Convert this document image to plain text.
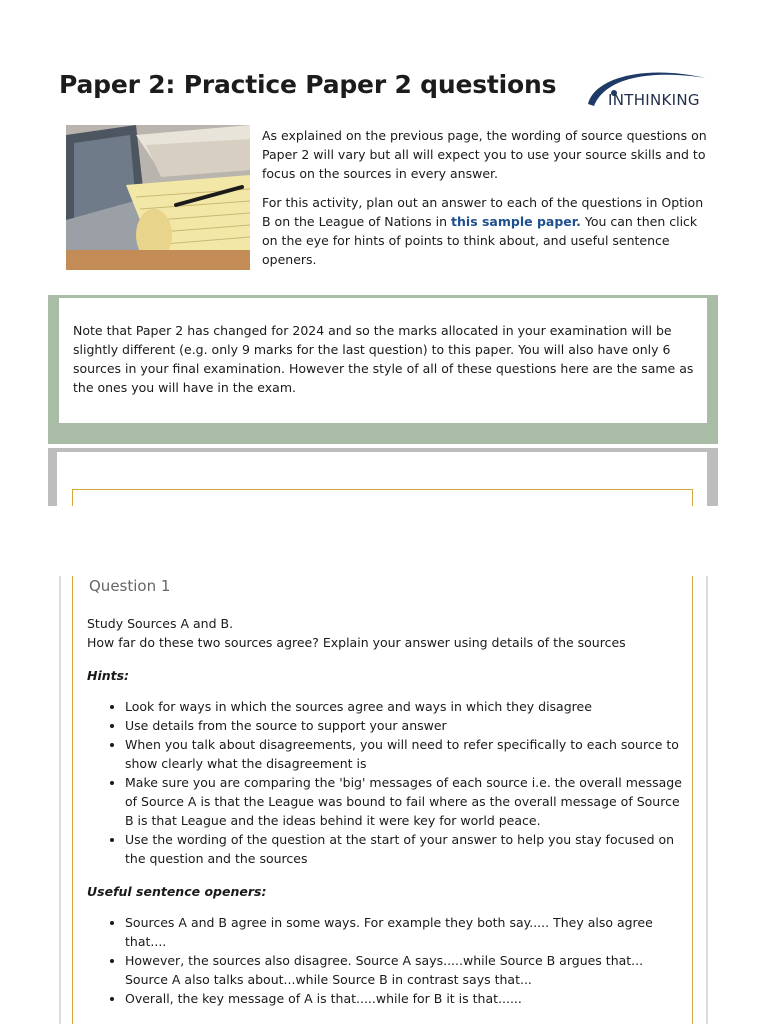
Paper 2: Practice Paper 2 questions
INTHINKING

As explained on the previous page, the wording of source questions on Paper 2 will vary but all will expect you to use your source skills and to focus on the sources in every answer.

For this activity, plan out an answer to each of the questions in Option B on the League of Nations in this sample paper. You can then click on the eye for hints of points to think about, and useful sentence openers.

Note that Paper 2 has changed for 2024 and so the marks allocated in your examination will be slightly different (e.g. only 9 marks for the last question) to this paper. You will also have only 6 sources in your final examination. However the style of all of these questions here are the same as the ones you will have in the exam.

Question 1

Study Sources A and B.

How far do these two sources agree? Explain your answer using details of the sources

Hints:

• Look for ways in which the sources agree and ways in which they disagree
• Use details from the source to support your answer
• When you talk about disagreements, you will need to refer specifically to each source to show clearly what the disagreement is
• Make sure you are comparing the 'big' messages of each source i.e. the overall message of Source A is that the League was bound to fail where as the overall message of Source B is that League and the ideas behind it were key for world peace.
• Use the wording of the question at the start of your answer to help you stay focused on the question and the sources

Useful sentence openers:

• Sources A and B agree in some ways. For example they both say..... They also agree that....
• However, the sources also disagree. Source A says.....while Source B argues that... Source A also talks about...while Source B in contrast says that...
• Overall, the key message of A is that.....while for B it is that......
